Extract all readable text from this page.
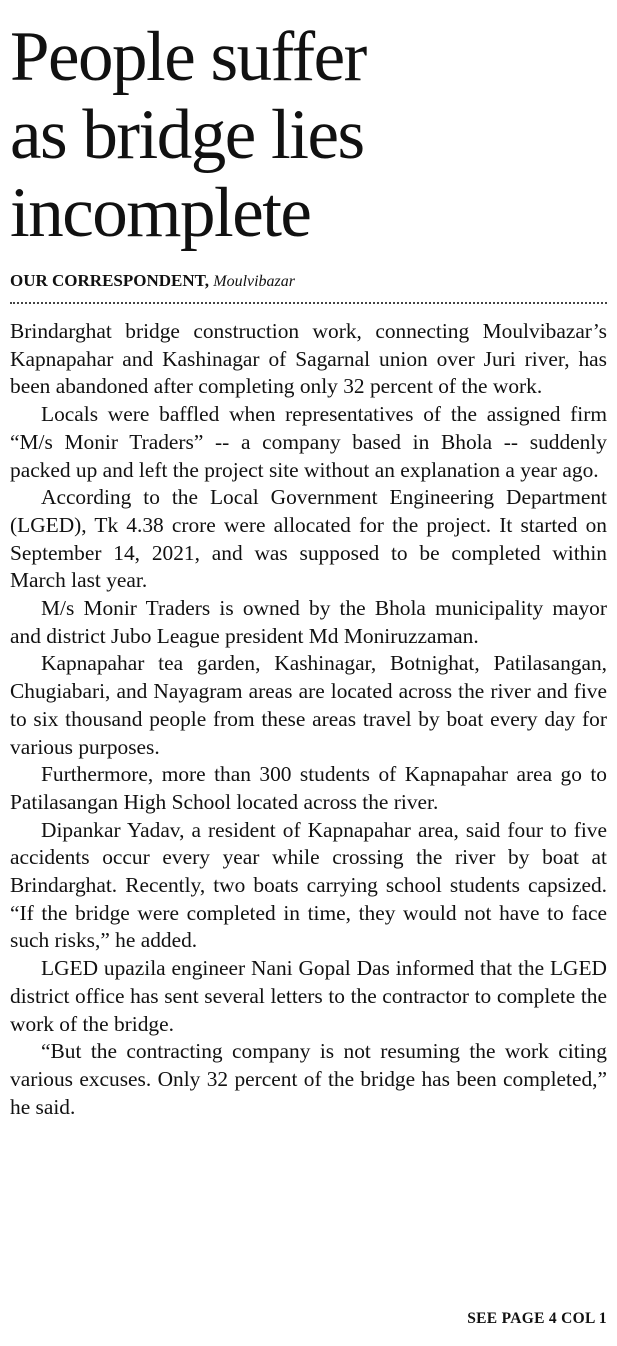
People suffer
as bridge lies
incomplete
OUR CORRESPONDENT, Moulvibazar

Brindarghat bridge construction work, connecting Moulvibazar’s Kapnapahar and Kashinagar of Sagarnal union over Juri river, has been abandoned after completing only 32 percent of the work.

Locals were baffled when representatives of the assigned firm “M/s Monir Traders” -- a company based in Bhola -- suddenly packed up and left the project site without an explanation a year ago.

According to the Local Government Engineering Department (LGED), Tk 4.38 crore were allocated for the project. It started on September 14, 2021, and was supposed to be completed within March last year.

M/s Monir Traders is owned by the Bhola municipality mayor and district Jubo League president Md Moniruzzaman.

Kapnapahar tea garden, Kashinagar, Botnighat, Patilasangan, Chugiabari, and Nayagram areas are located across the river and five to six thousand people from these areas travel by boat every day for various purposes.

Furthermore, more than 300 students of Kapnapahar area go to Patilasangan High School located across the river.

Dipankar Yadav, a resident of Kapnapahar area, said four to five accidents occur every year while crossing the river by boat at Brindarghat. Recently, two boats carrying school students capsized. “If the bridge were completed in time, they would not have to face such risks,” he added.

LGED upazila engineer Nani Gopal Das informed that the LGED district office has sent several letters to the contractor to complete the work of the bridge.

“But the contracting company is not resuming the work citing various excuses. Only 32 percent of the bridge has been completed,” he said.

SEE PAGE 4 COL 1
